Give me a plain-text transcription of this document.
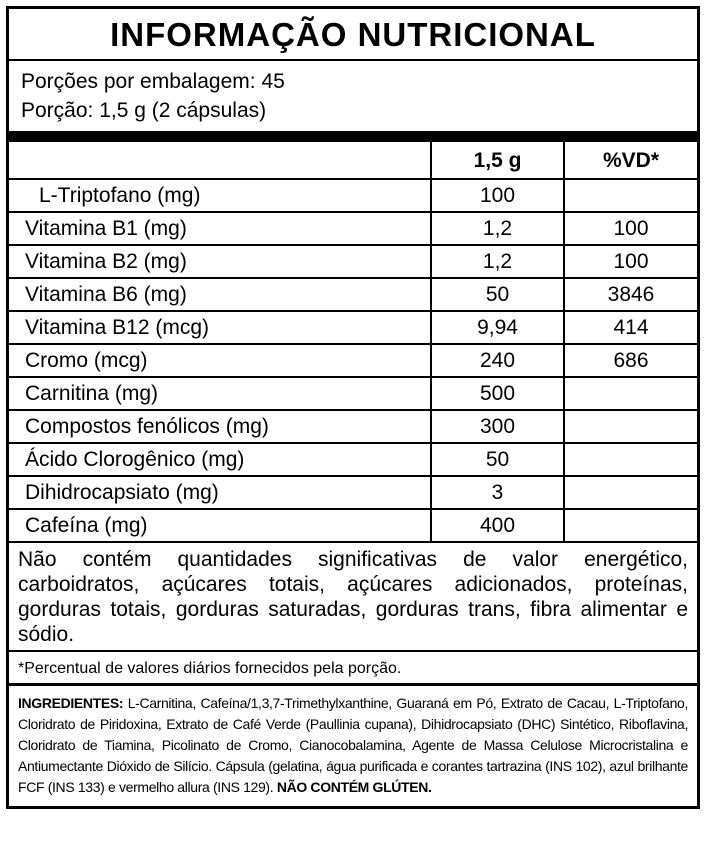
INFORMAÇÃO NUTRICIONAL
Porções por embalagem: 45
Porção: 1,5 g (2 cápsulas)
	1,5 g	%VD*
L-Triptofano (mg)	100	
Vitamina B1 (mg)	1,2	100
Vitamina B2 (mg)	1,2	100
Vitamina B6 (mg)	50	3846
Vitamina B12 (mcg)	9,94	414
Cromo (mcg)	240	686
Carnitina (mg)	500	
Compostos fenólicos (mg)	300	
Ácido Clorogênico (mg)	50	
Dihidrocapsiato (mg)	3	
Cafeína (mg)	400	
Não contém quantidades significativas de valor energético, carboidratos, açúcares totais, açúcares adicionados, proteínas, gorduras totais, gorduras saturadas, gorduras trans, fibra alimentar e sódio.
*Percentual de valores diários fornecidos pela porção.
INGREDIENTES: L-Carnitina, Cafeína/1,3,7-Trimethylxanthine, Guaraná em Pó, Extrato de Cacau, L-Triptofano, Cloridrato de Piridoxina, Extrato de Café Verde (Paullinia cupana), Dihidrocapsiato (DHC) Sintético, Riboflavina, Cloridrato de Tiamina, Picolinato de Cromo, Cianocobalamina, Agente de Massa Celulose Microcristalina e Antiumectante Dióxido de Silício. Cápsula (gelatina, água purificada e corantes tartrazina (INS 102), azul brilhante FCF (INS 133) e vermelho allura (INS 129). NÃO CONTÉM GLÚTEN.
